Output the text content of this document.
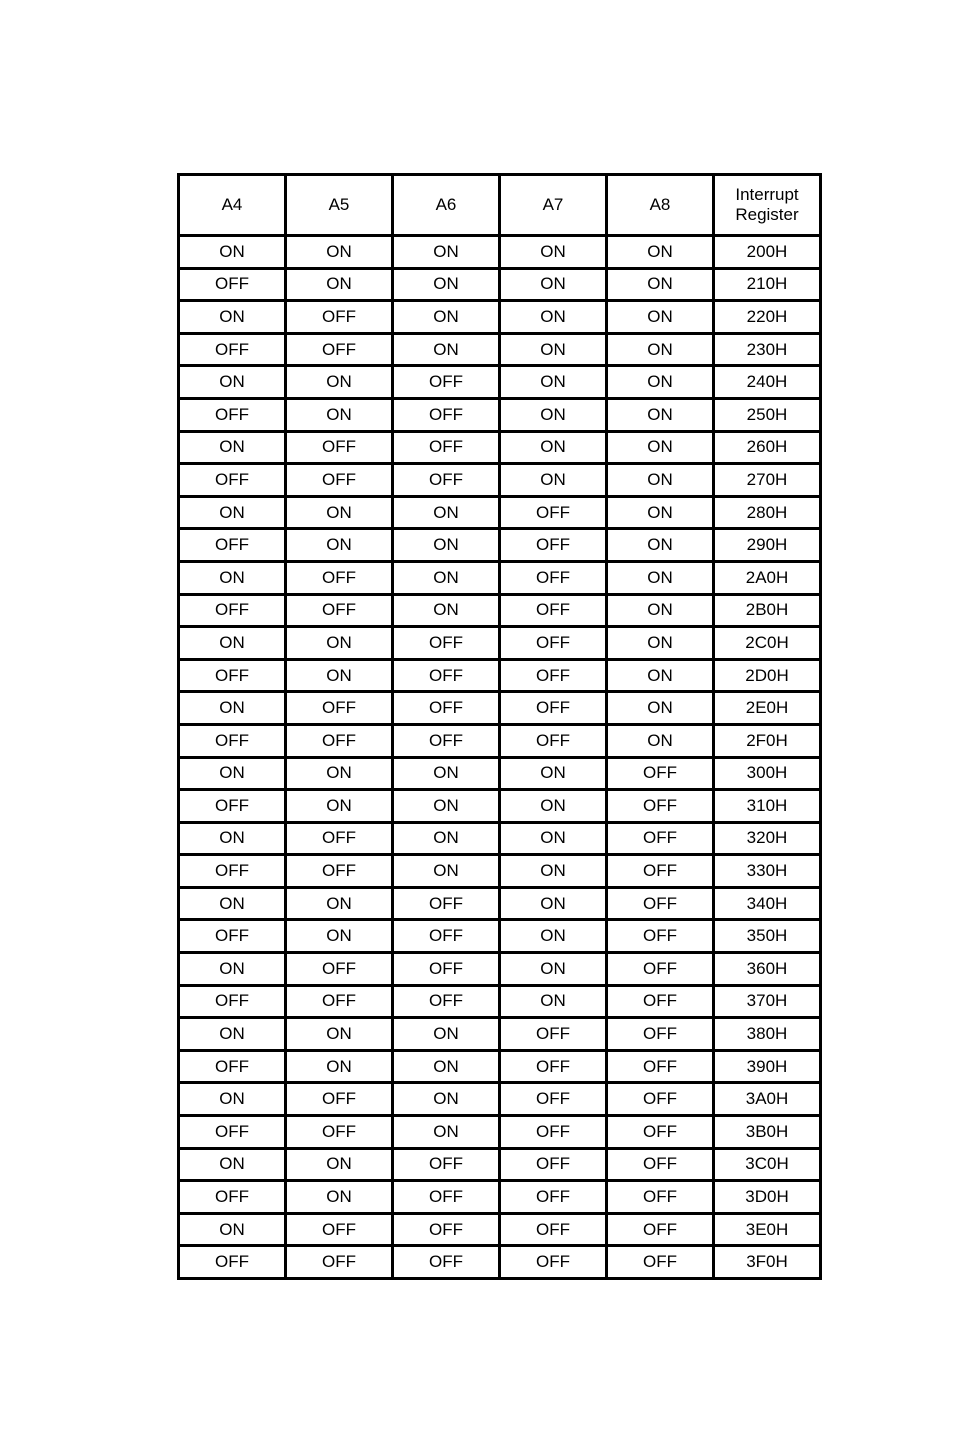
A4	A5	A6	A7	A8	Interrupt
Register

ON	ON	ON	ON	ON	200H
OFF	ON	ON	ON	ON	210H
ON	OFF	ON	ON	ON	220H
OFF	OFF	ON	ON	ON	230H
ON	ON	OFF	ON	ON	240H
OFF	ON	OFF	ON	ON	250H
ON	OFF	OFF	ON	ON	260H
OFF	OFF	OFF	ON	ON	270H
ON	ON	ON	OFF	ON	280H
OFF	ON	ON	OFF	ON	290H
ON	OFF	ON	OFF	ON	2A0H
OFF	OFF	ON	OFF	ON	2B0H
ON	ON	OFF	OFF	ON	2C0H
OFF	ON	OFF	OFF	ON	2D0H
ON	OFF	OFF	OFF	ON	2E0H
OFF	OFF	OFF	OFF	ON	2F0H
ON	ON	ON	ON	OFF	300H
OFF	ON	ON	ON	OFF	310H
ON	OFF	ON	ON	OFF	320H
OFF	OFF	ON	ON	OFF	330H
ON	ON	OFF	ON	OFF	340H
OFF	ON	OFF	ON	OFF	350H
ON	OFF	OFF	ON	OFF	360H
OFF	OFF	OFF	ON	OFF	370H
ON	ON	ON	OFF	OFF	380H
OFF	ON	ON	OFF	OFF	390H
ON	OFF	ON	OFF	OFF	3A0H
OFF	OFF	ON	OFF	OFF	3B0H
ON	ON	OFF	OFF	OFF	3C0H
OFF	ON	OFF	OFF	OFF	3D0H
ON	OFF	OFF	OFF	OFF	3E0H
OFF	OFF	OFF	OFF	OFF	3F0H
